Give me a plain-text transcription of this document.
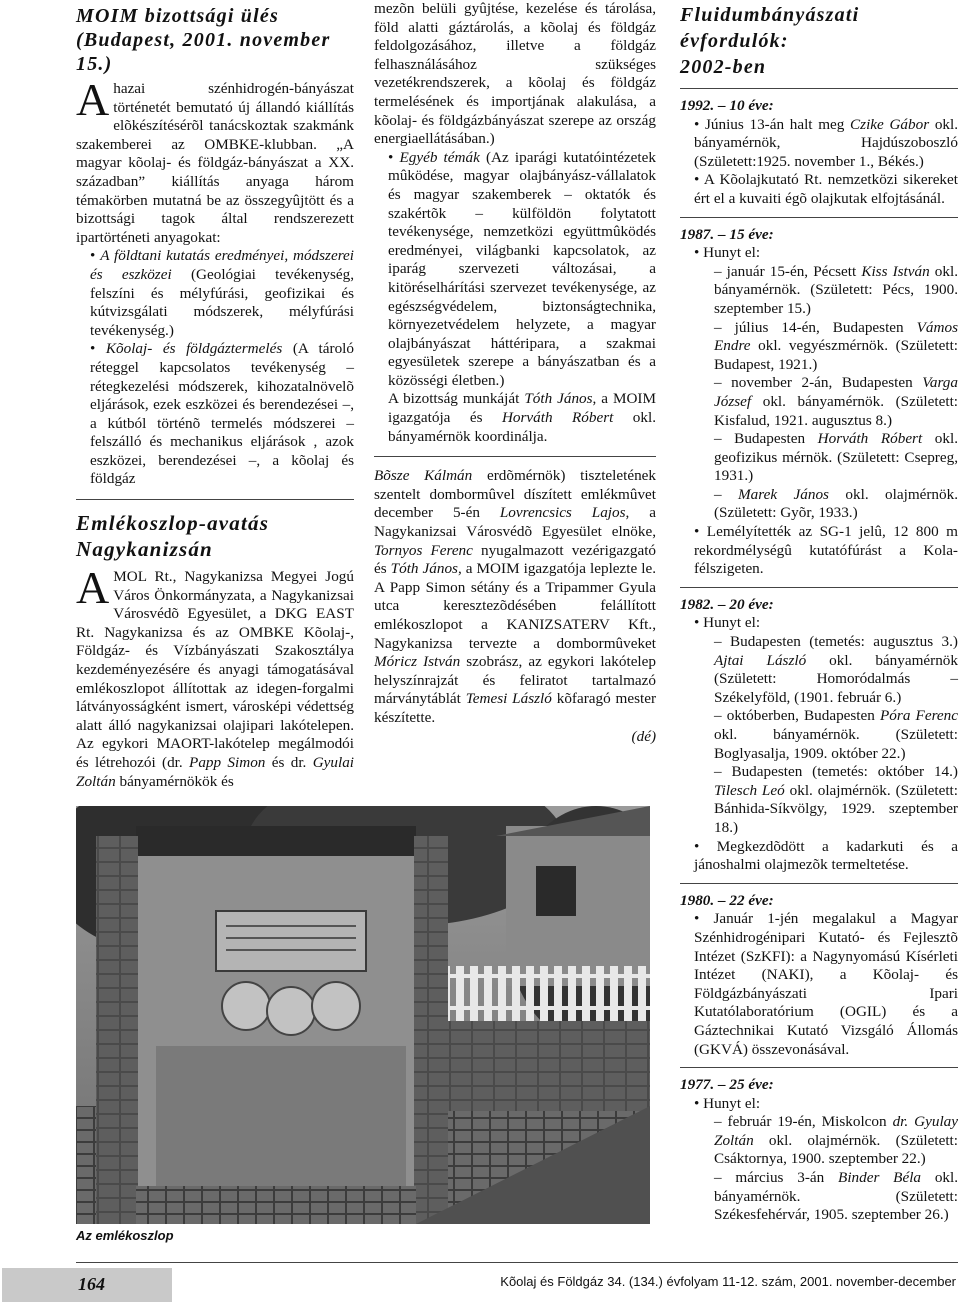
MOIM bizottsági ülés
(Budapest, 2001. november 15.)

Ahazai szénhidrogén-bányászat történetét bemutató új állandó kiállítás elõkészítésérõl tanácskoztak szakmánk szakemberei az OMBKE-klubban. „A magyar kõolaj- és földgáz-bányászat a XX. században” kiállítás anyaga három témakörben mutatná be az összegyûjtött és a bizottsági tagok által rendszerezett ipartörténeti anyagokat:

• A földtani kutatás eredményei, módszerei és eszközei (Geológiai tevékenység, felszíni és mélyfúrási, geofizikai és kútvizsgálati módszerek, mélyfúrási tevékenység.)

• Kõolaj- és földgáztermelés (A tároló réteggel kapcsolatos tevékenység – rétegkezelési módszerek, kihozatalnövelõ eljárások, ezek eszközei és berendezései –, a kútból történõ termelés módszerei – felszálló és mechanikus eljárások , azok eszközei, berendezései –, a kõolaj és földgáz

Emlékoszlop-avatás
Nagykanizsán

AMOL Rt., Nagykanizsa Megyei Jogú Város Önkormányzata, a Nagykanizsai Városvédõ Egyesület, a DKG EAST Rt. Nagykanizsa és az OMBKE Kõolaj-, Földgáz- és Vízbányászati Szakosztálya kezdeményezésére és anyagi támogatásával emlékoszlopot állítottak az idegen-forgalmi látványosságként ismert, városképi védettség alatt álló nagykanizsai olajipari lakótelepen. Az egykori MAORT-lakótelep megálmodói és létrehozói (dr. Papp Simon és dr. Gyulai Zoltán bányamérnökök és

mezõn belüli gyûjtése, kezelése és tárolása, föld alatti gáztárolás, a kõolaj és földgáz feldolgozásához, illetve a földgáz felhasználásához szükséges vezetékrendszerek, a kõolaj és földgáz termelésének és importjának alakulása, a kõolaj- és földgázbányászat szerepe az ország energiaellátásában.)

• Egyéb témák (Az iparági kutatóintézetek mûködése, magyar olajbányász-vállalatok és magyar szakemberek – oktatók és szakértõk – külföldön folytatott tevékenysége, nemzetközi együttmûködés eredményei, világbanki kapcsolatok, az iparág szervezeti változásai, a kitöréselhárítási szervezet tevékenysége, az egészségvédelem, biztonságtechnika, környezetvédelem helyzete, a magyar olajbányászat háttéripara, a szakmai egyesületek szerepe a bányászatban és a közösségi életben.)

A bizottság munkáját Tóth János, a MOIM igazgatója és Horváth Róbert okl. bányamérnök koordinálja.

Bõsze Kálmán erdõmérnök) tiszteletének szentelt dombormûvel díszített emlékmûvet december 5-én Lovrencsics Lajos, a Nagykanizsai Városvédõ Egyesület elnöke, Tornyos Ferenc nyugalmazott vezérigazgató és Tóth János, a MOIM igazgatója leplezte le. A Papp Simon sétány és a Tripammer Gyula utca keresztezõdésében felállított emlékoszlopot a KANIZSATERV Kft., Nagykanizsa tervezte a dombormûveket Móricz István szobrász, az egykori lakótelep helyszínrajzát és feliratot tartalmazó márványtáblát Temesi László kõfaragó mester készítette.

(dé)

Fluidumbányászati évfordulók:
2002-ben

1992. – 10 éve:

• Június 13-án halt meg Czike Gábor okl. bányamérnök, Hajdúszoboszló (Született:1925. november 1., Békés.)

• A Kõolajkutató Rt. nemzetközi sikereket ért el a kuvaiti égõ olajkutak elfojtásánál.

1987. – 15 éve:

• Hunyt el:

– január 15-én, Pécsett Kiss István okl. bányamérnök. (Született: Pécs, 1900. szeptember 15.)

– július 14-én, Budapesten Vámos Endre okl. vegyészmérnök. (Született: Budapest, 1921.)

– november 2-án, Budapesten Varga József okl. bányamérnök. (Született: Kisfalud, 1921. augusztus 8.)

– Budapesten Horváth Róbert okl. geofizikus mérnök. (Született: Csepreg, 1931.)

– Marek János okl. olajmérnök. (Született: Gyõr, 1933.)

• Lemélyítették az SG-1 jelû, 12 800 m rekordmélységû kutatófúrást a Kola-félszigeten.

1982. – 20 éve:

• Hunyt el:

– Budapesten (temetés: augusztus 3.) Ajtai László okl. bányamérnök (Született: Homoródalmás – Székelyföld, (1901. február 6.)

– októberben, Budapesten Póra Ferenc okl. bányamérnök. (Született: Boglyasalja, 1909. október 22.)

– Budapesten (temetés: október 14.) Tilesch Leó okl. olajmérnök. (Született: Bánhida-Síkvölgy, 1929. szeptember 18.)

• Megkezdõdött a kadarkuti és a jánoshalmi olajmezõk termeltetése.

1980. – 22 éve:

• Január 1-jén megalakul a Magyar Szénhidrogénipari Kutató- és Fejlesztõ Intézet (SzKFI): a Nagynyomású Kísérleti Intézet (NAKI), a Kõolaj- és Földgázbányászati Ipari Kutatólaboratórium (OGIL) és a Gáztechnikai Kutató Vizsgáló Állomás (GKVÁ) összevonásával.

1977. – 25 éve:

• Hunyt el:

– február 19-én, Miskolcon dr. Gyulay Zoltán okl. olajmérnök. (Született: Csáktornya, 1900. szeptember 22.)

– március 3-án Binder Béla okl. bányamérnök. (Született: Székesfehérvár, 1905. szeptember 26.)

Az emlékoszlop
164	Kõolaj és Földgáz 34. (134.) évfolyam 11-12. szám, 2001. november-december
